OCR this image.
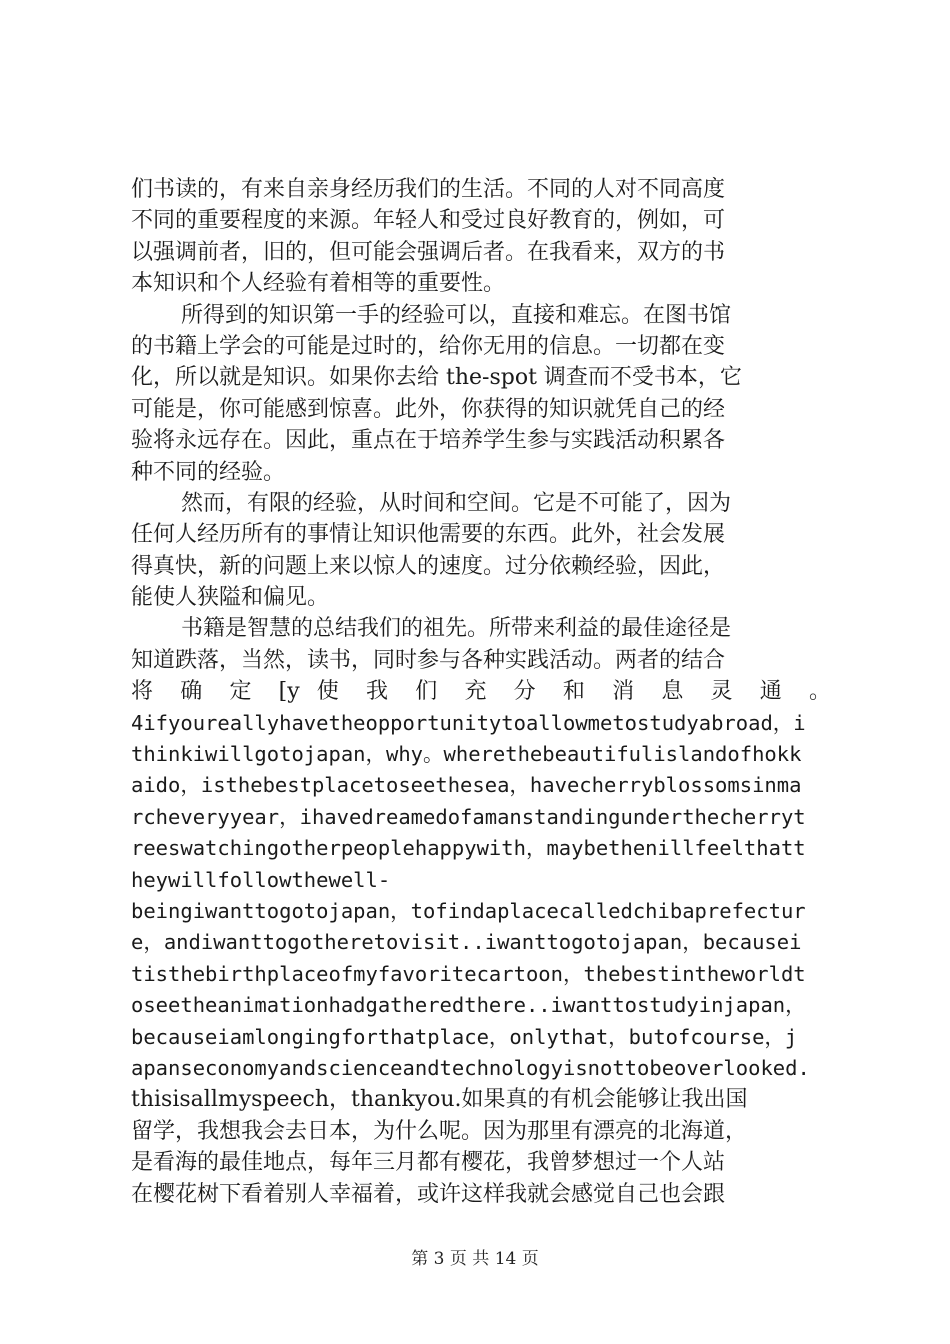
们书读的，有来自亲身经历我们的生活。不同的人对不同高度
不同的重要程度的来源。年轻人和受过良好教育的，例如，可
以强调前者，旧的，但可能会强调后者。在我看来，双方的书
本知识和个人经验有着相等的重要性。
所得到的知识第一手的经验可以，直接和难忘。在图书馆
的书籍上学会的可能是过时的，给你无用的信息。一切都在变
化，所以就是知识。如果你去给 the-spot 调查而不受书本，它
可能是，你可能感到惊喜。此外，你获得的知识就凭自己的经
验将永远存在。因此，重点在于培养学生参与实践活动积累各
种不同的经验。
然而，有限的经验，从时间和空间。它是不可能了，因为
任何人经历所有的事情让知识他需要的东西。此外，社会发展
得真快，新的问题上来以惊人的速度。过分依赖经验，因此，
能使人狭隘和偏见。
书籍是智慧的总结我们的祖先。所带来利益的最佳途径是
知道跌落，当然，读书，同时参与各种实践活动。两者的结合
将 确 定 [y 使 我 们 充 分 和 消 息 灵 通 。
4ifyoureallyhavetheopportunitytoallowmetostudyabroad，i
thinkiwillgotojapan，why。wherethebeautifulislandofhokk
aido，isthebestplacetoseethesea，havecherryblossomsinma
rcheveryyear，ihavedreamedofamanstandingunderthecherryt
reeswatchingotherpeoplehappywith，maybethenillfeelthatt
heywillfollowthewell-
beingiwanttogotojapan，tofindaplacecalledchibaprefectur
e，andiwanttogotheretovisit..iwanttogotojapan，becausei
tisthebirthplaceofmyfavoritecartoon，thebestintheworldt
oseetheanimationhadgatheredthere..iwanttostudyinjapan，
becauseiamlongingforthatplace，onlythat，butofcourse，j
apanseconomyandscienceandtechnologyisnottobeoverlooked.
thisisallmyspeech，thankyou.如果真的有机会能够让我出国
留学，我想我会去日本，为什么呢。因为那里有漂亮的北海道，
是看海的最佳地点，每年三月都有樱花，我曾梦想过一个人站
在樱花树下看着别人幸福着，或许这样我就会感觉自己也会跟
第 3 页 共 14 页
